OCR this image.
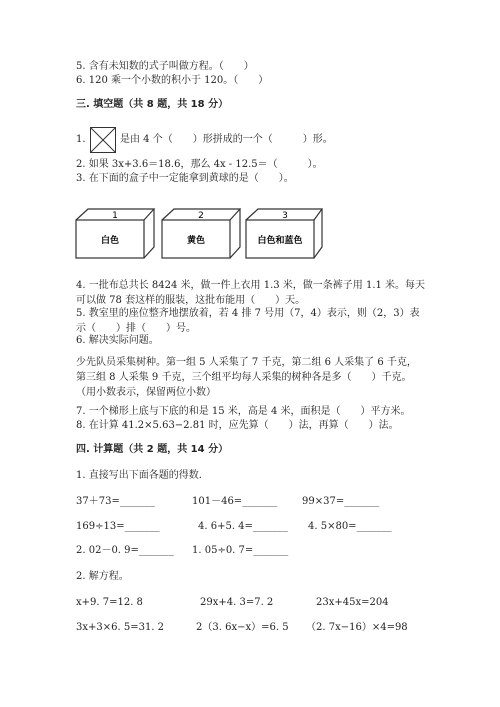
5. 含有未知数的式子叫做方程。（　　）
6. 120 乘一个小数的积小于 120。（　　）
三. 填空题（共 8 题，共 18 分）
1.	是由 4 个（　　）形拼成的一个（　　　）形。
2. 如果 3x+3.6＝18.6，那么 4x - 12.5＝（　　　）。
3. 在下面的盒子中一定能拿到黄球的是（　　）。
1	2	3
白色	黄色	白色和蓝色
4. 一批布总共长 8424 米，做一件上衣用 1.3 米，做一条裤子用 1.1 米。每天可以做 78 套这样的服装，这批布能用（　　）天。
5. 教室里的座位整齐地摆放着，若 4 排 7 号用（7，4）表示，则（2，3）表示（　　）排（　　）号。
6. 解决实际问题。
少先队员采集树种。第一组 5 人采集了 7 千克，第二组 6 人采集了 6 千克，第三组 8 人采集 9 千克，三个组平均每人采集的树种各是多（　　）千克。（用小数表示，保留两位小数）
7. 一个梯形上底与下底的和是 15 米，高是 4 米，面积是（　　）平方米。
8. 在计算 41.2×5.63−2.81 时，应先算（　　）法，再算（　　）法。
四. 计算题（共 2 题，共 14 分）
1. 直接写出下面各题的得数.
37＋73=_______	101－46=_______ 99×37=_______
169÷13=_______	4. 6+5. 4=_______ 4. 5×80=_______
2. 02－0. 9=_______ 1. 05÷0. 7=_______
2. 解方程。
x+9. 7=12. 8	29x+4. 3=7. 2	23x+45x=204
3x+3×6. 5=31. 2	2（3. 6x−x）=6. 5 （2. 7x−16）×4=98
